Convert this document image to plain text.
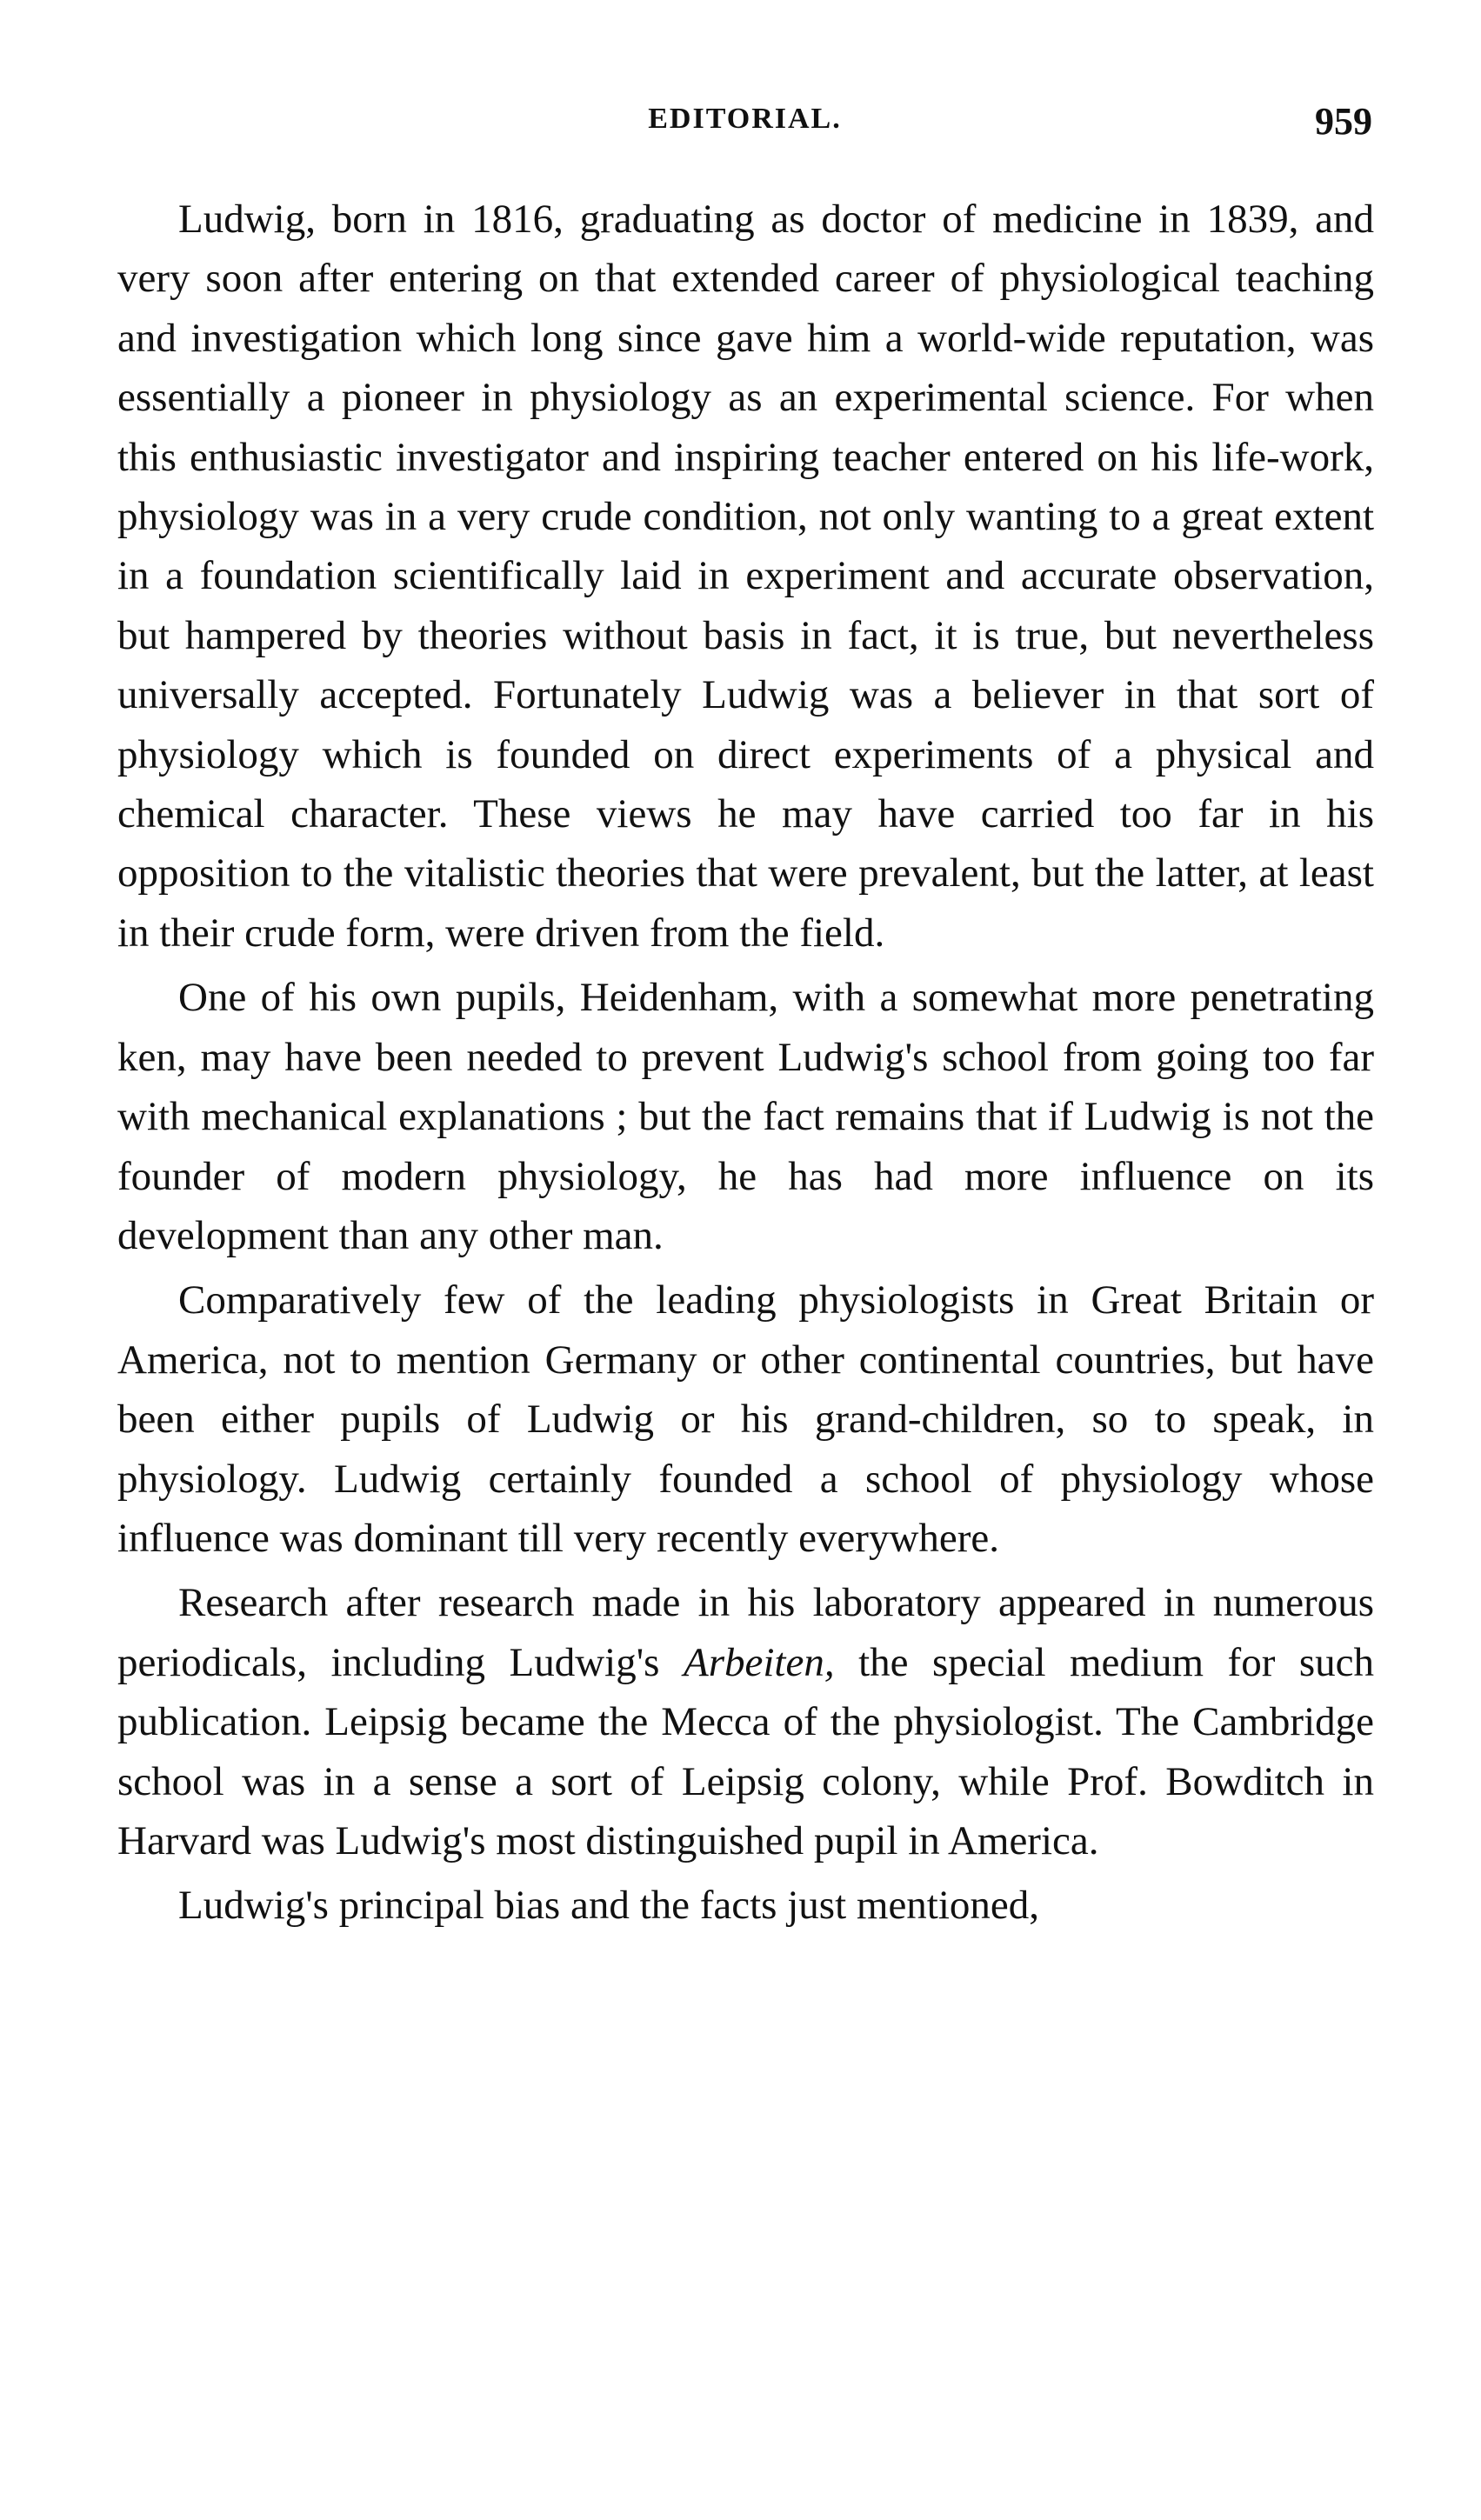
EDITORIAL.	959

Ludwig, born in 1816, graduating as doctor of medicine in 1839, and very soon after entering on that extended career of physiological teaching and investigation which long since gave him a world-wide reputation, was essentially a pioneer in physiology as an experimental science. For when this enthusiastic investigator and inspiring teacher entered on his life-work, physiology was in a very crude condition, not only wanting to a great extent in a foundation scientifically laid in experiment and accurate observation, but hampered by theories without basis in fact, it is true, but nevertheless universally accepted. Fortunately Ludwig was a believer in that sort of physiology which is founded on direct experiments of a physical and chemical character. These views he may have carried too far in his opposition to the vitalistic theories that were prevalent, but the latter, at least in their crude form, were driven from the field.

One of his own pupils, Heidenham, with a somewhat more penetrating ken, may have been needed to prevent Ludwig's school from going too far with mechanical explanations ; but the fact remains that if Ludwig is not the founder of modern physiology, he has had more influence on its development than any other man.

Comparatively few of the leading physiologists in Great Britain or America, not to mention Germany or other continental countries, but have been either pupils of Ludwig or his grand-children, so to speak, in physiology. Ludwig certainly founded a school of physiology whose influence was dominant till very recently everywhere.

Research after research made in his laboratory appeared in numerous periodicals, including Ludwig's Arbeiten, the special medium for such publication. Leipsig became the Mecca of the physiologist. The Cambridge school was in a sense a sort of Leipsig colony, while Prof. Bowditch in Harvard was Ludwig's most distinguished pupil in America.

Ludwig's principal bias and the facts just mentioned,
